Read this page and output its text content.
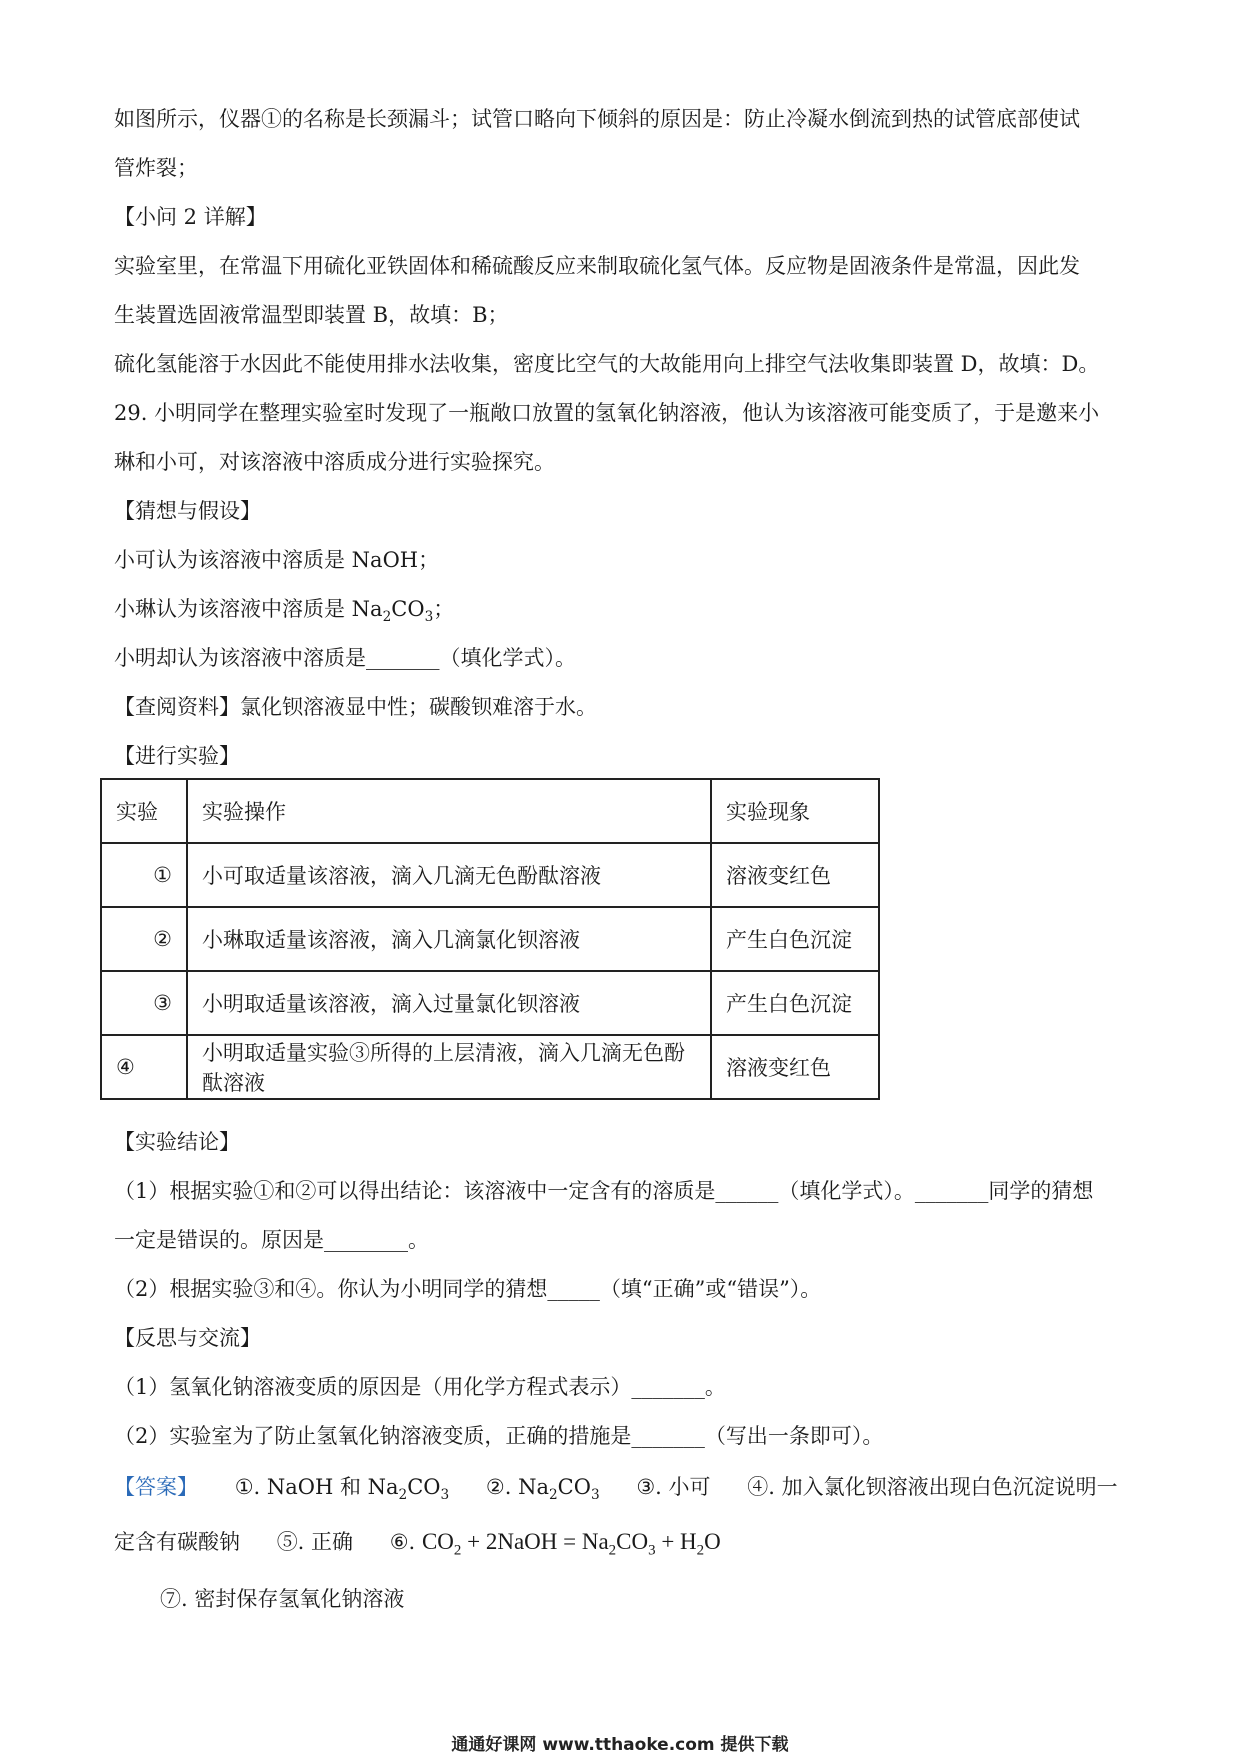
如图所示，仪器①的名称是长颈漏斗；试管口略向下倾斜的原因是：防止冷凝水倒流到热的试管底部使试
管炸裂；
【小问 2 详解】
实验室里，在常温下用硫化亚铁固体和稀硫酸反应来制取硫化氢气体。反应物是固液条件是常温，因此发
生装置选固液常温型即装置 B，故填：B；
硫化氢能溶于水因此不能使用排水法收集，密度比空气的大故能用向上排空气法收集即装置 D，故填：D。
29. 小明同学在整理实验室时发现了一瓶敞口放置的氢氧化钠溶液，他认为该溶液可能变质了，于是邀来小
琳和小可，对该溶液中溶质成分进行实验探究。
【猜想与假设】
小可认为该溶液中溶质是 NaOH；
小琳认为该溶液中溶质是 $Na_2CO_3$；
小明却认为该溶液中溶质是_______（填化学式）。
【查阅资料】氯化钡溶液显中性；碳酸钡难溶于水。
【进行实验】
实验	实验操作	实验现象
①	小可取适量该溶液，滴入几滴无色酚酞溶液	溶液变红色
②	小琳取适量该溶液，滴入几滴氯化钡溶液	产生白色沉淀
③	小明取适量该溶液，滴入过量氯化钡溶液	产生白色沉淀
④	小明取适量实验③所得的上层清液，滴入几滴无色酚酞溶液	溶液变红色
【实验结论】
（1）根据实验①和②可以得出结论：该溶液中一定含有的溶质是______（填化学式）。_______同学的猜想
一定是错误的。原因是________。
（2）根据实验③和④。你认为小明同学的猜想_____（填“正确”或“错误”）。
【反思与交流】
（1）氢氧化钠溶液变质的原因是（用化学方程式表示）_______。
（2）实验室为了防止氢氧化钠溶液变质，正确的措施是_______（写出一条即可）。
【答案】 ①. NaOH 和 $Na_2CO_3$ ②. $Na_2CO_3$ ③. 小可 ④. 加入氯化钡溶液出现白色沉淀说明一
定含有碳酸钠 ⑤. 正确 ⑥. $CO_2$ + 2NaOH = $Na_2CO_3 + H_2O$
⑦. 密封保存氢氧化钠溶液
通通好课网 www.tthaoke.com 提供下载
